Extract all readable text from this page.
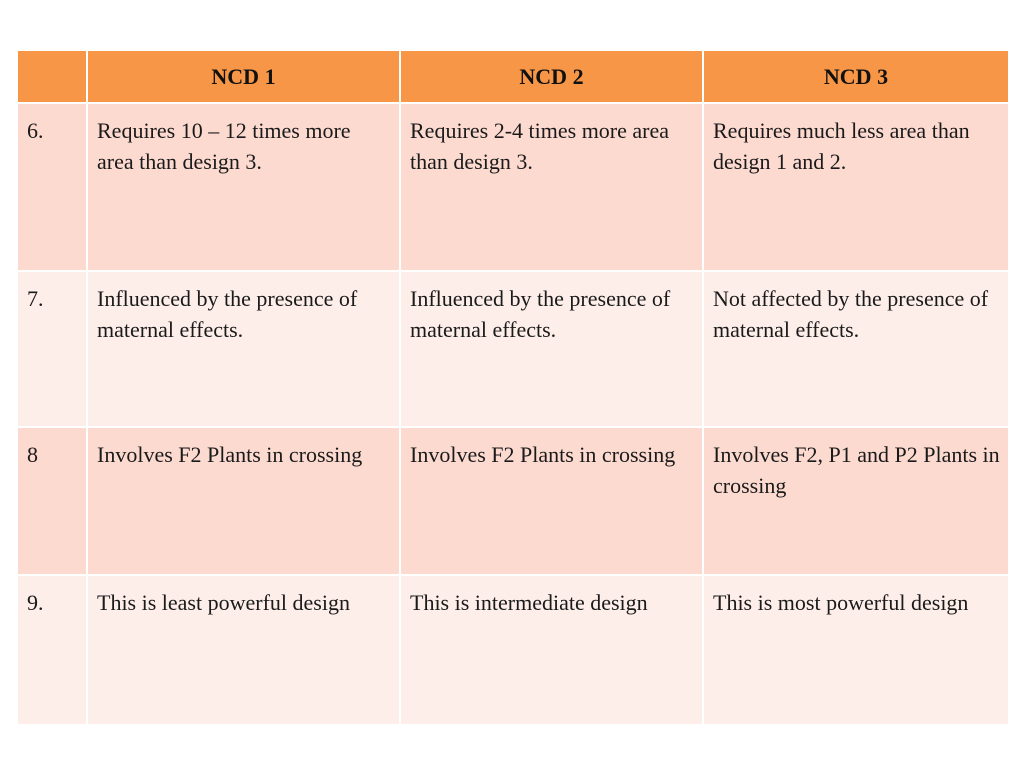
	NCD 1	NCD 2	NCD 3
6.	Requires 10 – 12 times more area than design 3.	Requires 2-4 times more area than design 3.	Requires much less area than design 1 and 2.
7.	Influenced by the presence of maternal effects.	Influenced by the presence of maternal effects.	Not affected by the presence of maternal effects.
8	Involves F2 Plants in crossing	Involves F2 Plants in crossing	Involves F2, P1 and P2 Plants in crossing
9.	This is least powerful design	This is intermediate design	This is most powerful design
